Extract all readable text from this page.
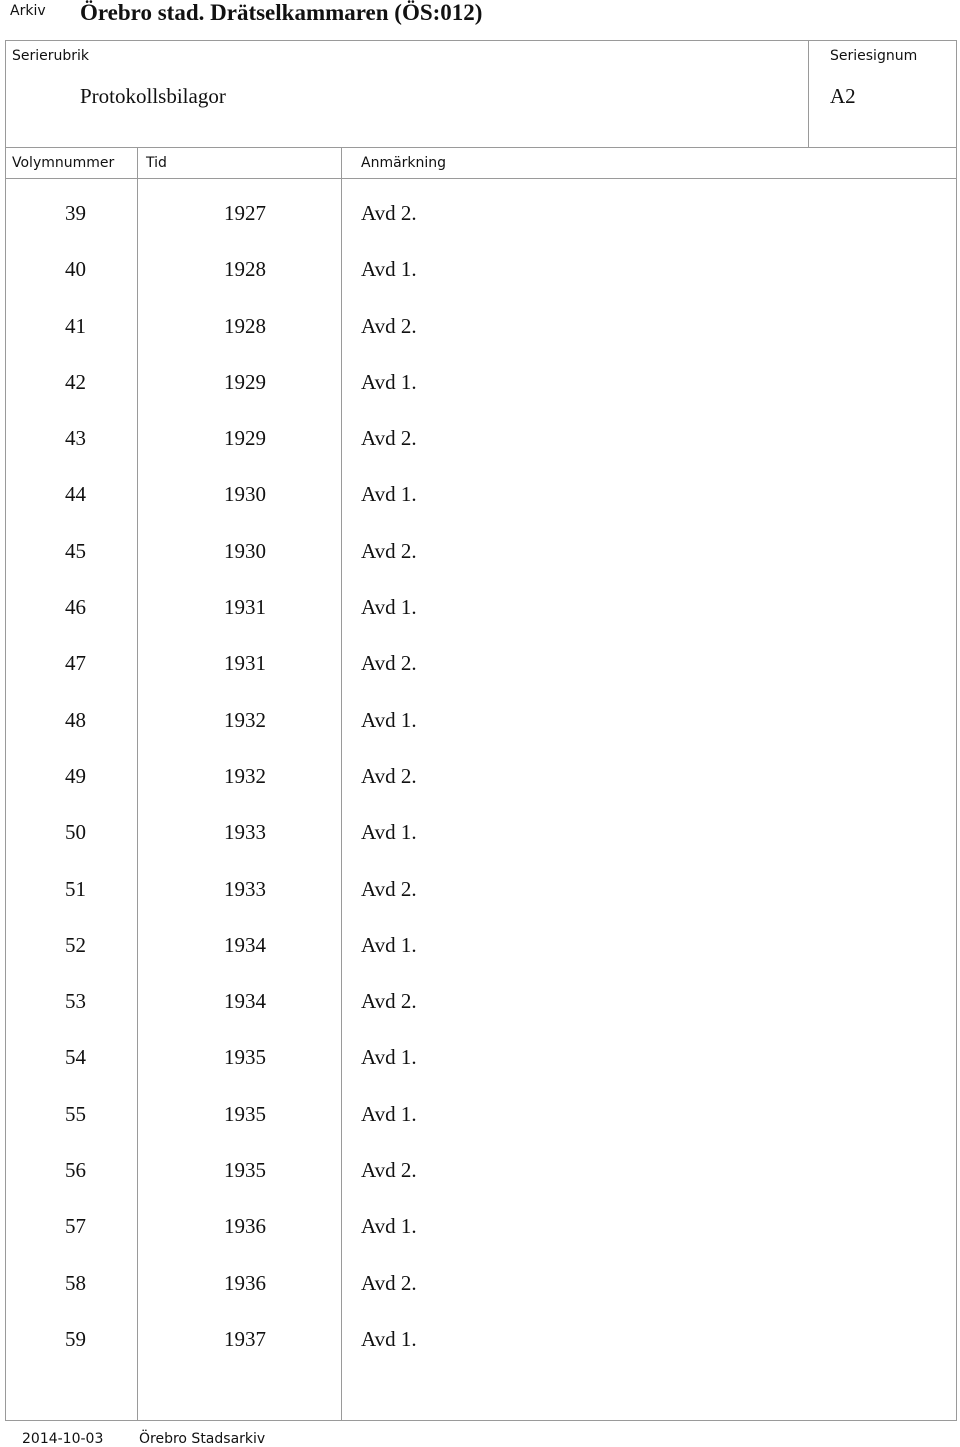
Arkiv Örebro stad. Drätselkammaren (ÖS:012)
Serierubrik
Protokollsbilagor
Seriesignum
A2
Volymnummer Tid	Anmärkning
39	1927	Avd 2.
40	1928	Avd 1.
41	1928	Avd 2.
42	1929	Avd 1.
43	1929	Avd 2.
44	1930	Avd 1.
45	1930	Avd 2.
46	1931	Avd 1.
47	1931	Avd 2.
48	1932	Avd 1.
49	1932	Avd 2.
50	1933	Avd 1.
51	1933	Avd 2.
52	1934	Avd 1.
53	1934	Avd 2.
54	1935	Avd 1.
55	1935	Avd 1.
56	1935	Avd 2.
57	1936	Avd 1.
58	1936	Avd 2.
59	1937	Avd 1.
2014-10-03	Örebro Stadsarkiv
